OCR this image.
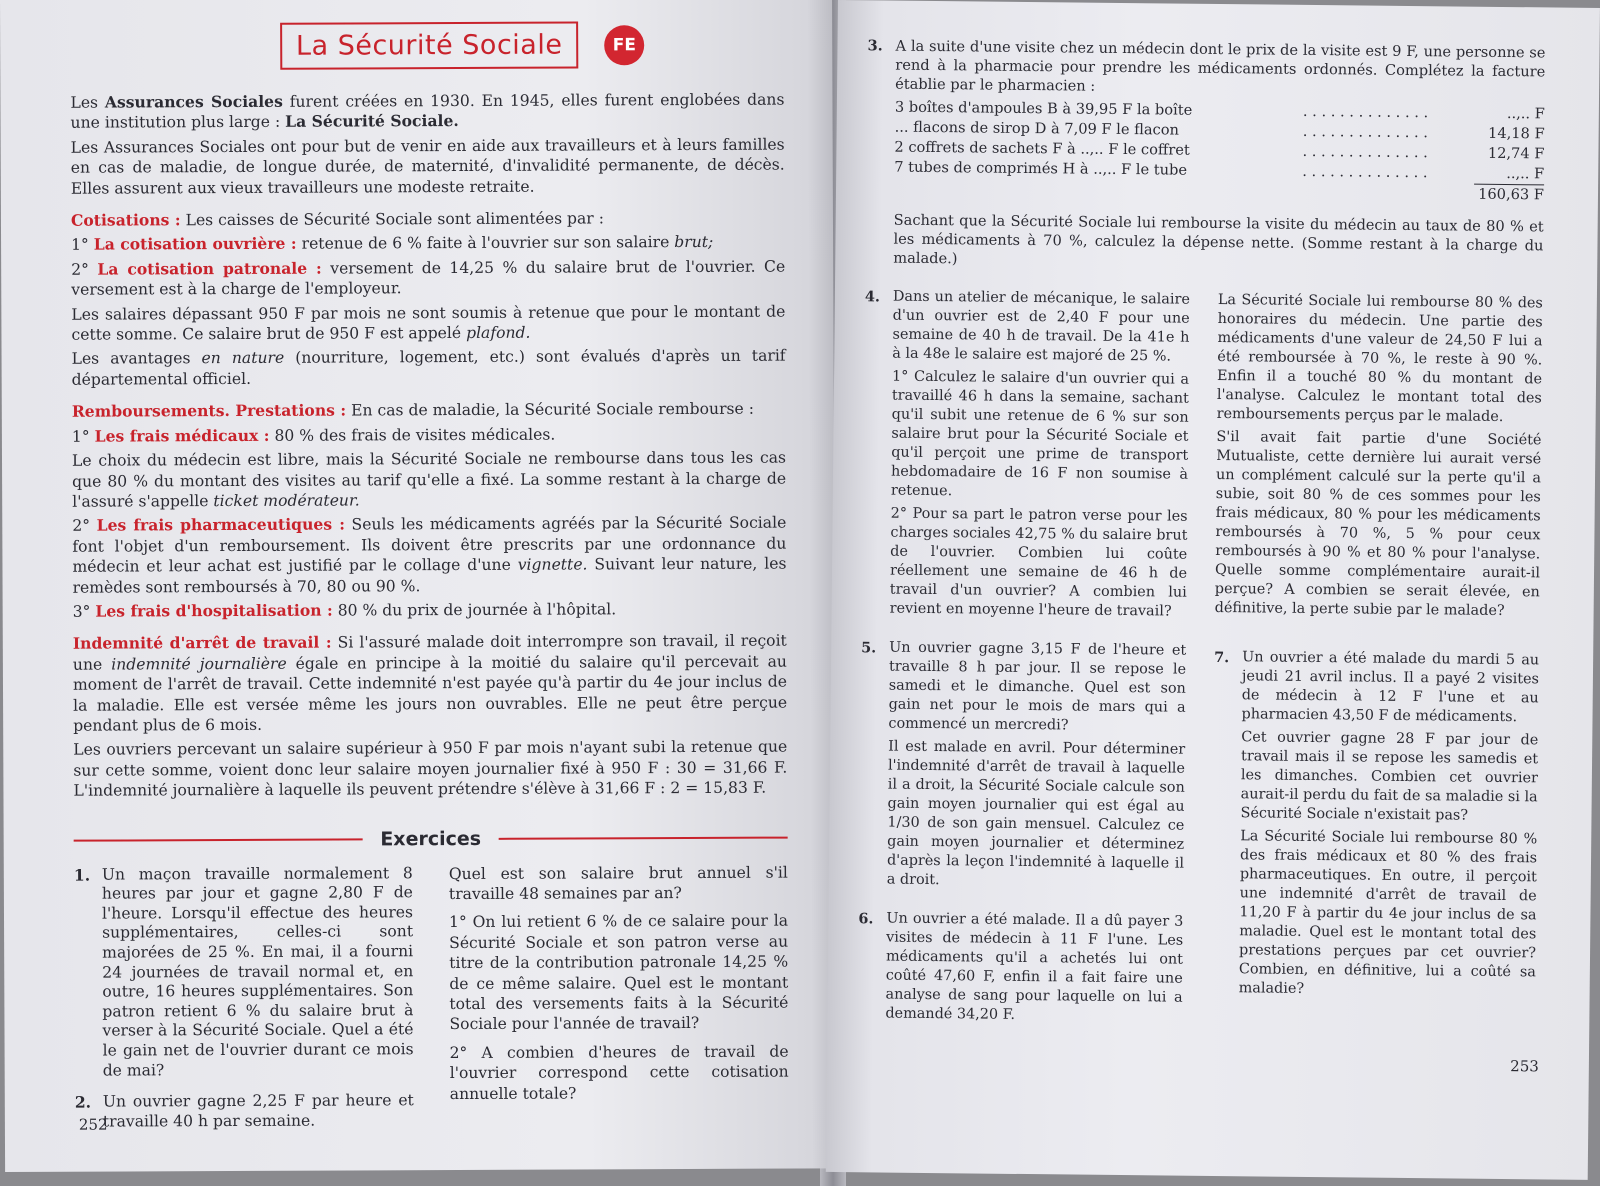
La Sécurité Sociale	FE

Les Assurances Sociales furent créées en 1930. En 1945, elles furent englobées dans une institution plus large : La Sécurité Sociale.

Les Assurances Sociales ont pour but de venir en aide aux travailleurs et à leurs familles en cas de maladie, de longue durée, de maternité, d'invalidité permanente, de décès. Elles assurent aux vieux travailleurs une modeste retraite.

Cotisations : Les caisses de Sécurité Sociale sont alimentées par :

1° La cotisation ouvrière : retenue de 6 % faite à l'ouvrier sur son salaire brut;

2° La cotisation patronale : versement de 14,25 % du salaire brut de l'ouvrier. Ce versement est à la charge de l'employeur.

Les salaires dépassant 950 F par mois ne sont soumis à retenue que pour le montant de cette somme. Ce salaire brut de 950 F est appelé plafond.

Les avantages en nature (nourriture, logement, etc.) sont évalués d'après un tarif départemental officiel.

Remboursements. Prestations : En cas de maladie, la Sécurité Sociale rembourse :

1° Les frais médicaux : 80 % des frais de visites médicales.

Le choix du médecin est libre, mais la Sécurité Sociale ne rembourse dans tous les cas que 80 % du montant des visites au tarif qu'elle a fixé. La somme restant à la charge de l'assuré s'appelle ticket modérateur.

2° Les frais pharmaceutiques : Seuls les médicaments agréés par la Sécurité Sociale font l'objet d'un remboursement. Ils doivent être prescrits par une ordonnance du médecin et leur achat est justifié par le collage d'une vignette. Suivant leur nature, les remèdes sont remboursés à 70, 80 ou 90 %.

3° Les frais d'hospitalisation : 80 % du prix de journée à l'hôpital.

Indemnité d'arrêt de travail : Si l'assuré malade doit interrompre son travail, il reçoit une indemnité journalière égale en principe à la moitié du salaire qu'il percevait au moment de l'arrêt de travail. Cette indemnité n'est payée qu'à partir du 4e jour inclus de la maladie. Elle est versée même les jours non ouvrables. Elle ne peut être perçue pendant plus de 6 mois.

Les ouvriers percevant un salaire supérieur à 950 F par mois n'ayant subi la retenue que sur cette somme, voient donc leur salaire moyen journalier fixé à 950 F : 30 = 31,66 F. L'indemnité journalière à laquelle ils peuvent prétendre s'élève à 31,66 F : 2 = 15,83 F.

Exercices
1. Un maçon travaille normalement 8 heures par jour et gagne 2,80 F de l'heure. Lorsqu'il effectue des heures supplémentaires, celles-ci sont majorées de 25 %. En mai, il a fourni 24 journées de travail normal et, en outre, 16 heures supplémentaires. Son patron retient 6 % du salaire brut à verser à la Sécurité Sociale. Quel a été le gain net de l'ouvrier durant ce mois de mai?
2. Un ouvrier gagne 2,25 F par heure et travaille 40 h par semaine.

Quel est son salaire brut annuel s'il travaille 48 semaines par an?

1° On lui retient 6 % de ce salaire pour la Sécurité Sociale et son patron verse au titre de la contribution patronale 14,25 % de ce même salaire. Quel est le montant total des versements faits à la Sécurité Sociale pour l'année de travail?

2° A combien d'heures de travail de l'ouvrier correspond cette cotisation annuelle totale?

252
3. A la suite d'une visite chez un médecin dont le prix de la visite est 9 F, une personne se rend à la pharmacie pour prendre les médicaments ordonnés. Complétez la facture établie par le pharmacien :

3 boîtes d'ampoules B à 39,95 F la boîte	. . . . . . . . . . . . . .	..,.. F
... flacons de sirop D à 7,09 F le flacon	. . . . . . . . . . . . . .	14,18 F
2 coffrets de sachets F à ..,.. F le coffret	. . . . . . . . . . . . . .	12,74 F
7 tubes de comprimés H à ..,.. F le tube	. . . . . . . . . . . . . .	..,.. F
		160,63 F

Sachant que la Sécurité Sociale lui rembourse la visite du médecin au taux de 80 % et les médicaments à 70 %, calculez la dépense nette. (Somme restant à la charge du malade.)

4. Dans un atelier de mécanique, le salaire d'un ouvrier est de 2,40 F pour une semaine de 40 h de travail. De la 41e h à la 48e le salaire est majoré de 25 %.

1° Calculez le salaire d'un ouvrier qui a travaillé 46 h dans la semaine, sachant qu'il subit une retenue de 6 % sur son salaire brut pour la Sécurité Sociale et qu'il perçoit une prime de transport hebdomadaire de 16 F non soumise à retenue.

2° Pour sa part le patron verse pour les charges sociales 42,75 % du salaire brut de l'ouvrier. Combien lui coûte réellement une semaine de 46 h de travail d'un ouvrier? A combien lui revient en moyenne l'heure de travail?

5. Un ouvrier gagne 3,15 F de l'heure et travaille 8 h par jour. Il se repose le samedi et le dimanche. Quel est son gain net pour le mois de mars qui a commencé un mercredi?

Il est malade en avril. Pour déterminer l'indemnité d'arrêt de travail à laquelle il a droit, la Sécurité Sociale calcule son gain moyen journalier qui est égal au 1/30 de son gain mensuel. Calculez ce gain moyen journalier et déterminez d'après la leçon l'indemnité à laquelle il a droit.

6. Un ouvrier a été malade. Il a dû payer 3 visites de médecin à 11 F l'une. Les médicaments qu'il a achetés lui ont coûté 47,60 F, enfin il a fait faire une analyse de sang pour laquelle on lui a demandé 34,20 F.

La Sécurité Sociale lui rembourse 80 % des honoraires du médecin. Une partie des médicaments d'une valeur de 24,50 F lui a été remboursée à 70 %, le reste à 90 %. Enfin il a touché 80 % du montant de l'analyse. Calculez le montant total des remboursements perçus par le malade.

S'il avait fait partie d'une Société Mutualiste, cette dernière lui aurait versé un complément calculé sur la perte qu'il a subie, soit 80 % de ces sommes pour les frais médicaux, 80 % pour les médicaments remboursés à 70 %, 5 % pour ceux remboursés à 90 % et 80 % pour l'analyse. Quelle somme complémentaire aurait-il perçue? A combien se serait élevée, en définitive, la perte subie par le malade?

7. Un ouvrier a été malade du mardi 5 au jeudi 21 avril inclus. Il a payé 2 visites de médecin à 12 F l'une et au pharmacien 43,50 F de médicaments.

Cet ouvrier gagne 28 F par jour de travail mais il se repose les samedis et les dimanches. Combien cet ouvrier aurait-il perdu du fait de sa maladie si la Sécurité Sociale n'existait pas?

La Sécurité Sociale lui rembourse 80 % des frais médicaux et 80 % des frais pharmaceutiques. En outre, il perçoit une indemnité d'arrêt de travail de 11,20 F à partir du 4e jour inclus de sa maladie. Quel est le montant total des prestations perçues par cet ouvrier? Combien, en définitive, lui a coûté sa maladie?

253
